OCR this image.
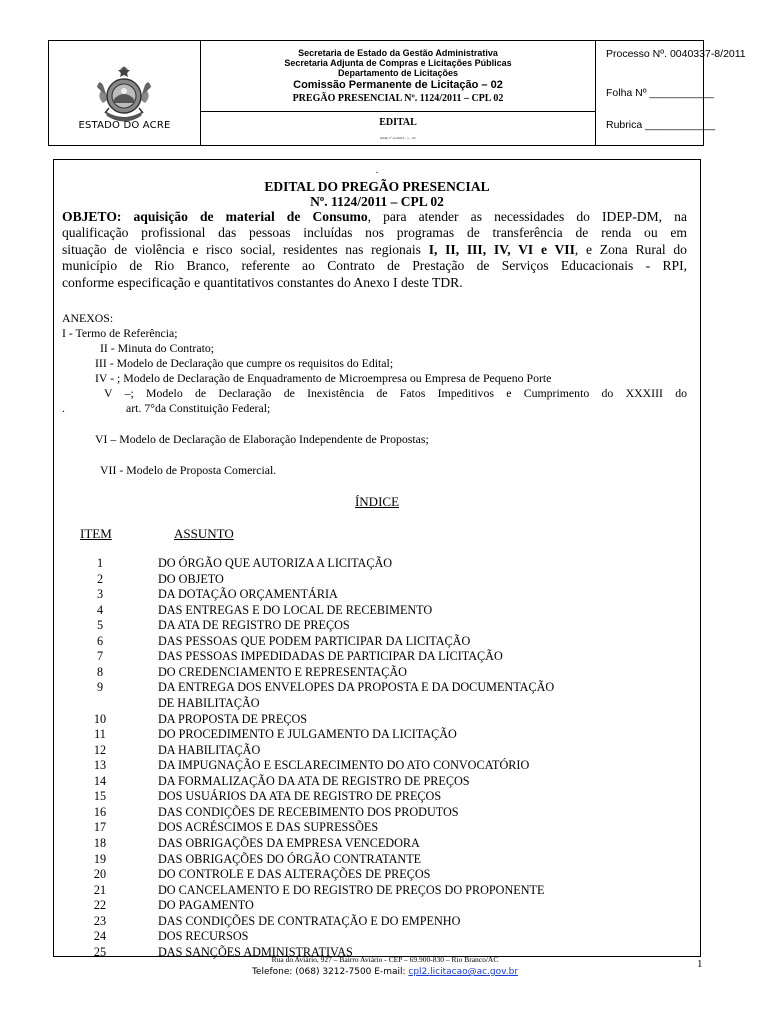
ESTADO DO ACRE
Secretaria de Estado da Gestão Administrativa
Secretaria Adjunta de Compras e Licitações Públicas
Departamento de Licitações
Comissão Permanente de Licitação – 02
PREGÃO PRESENCIAL Nº. 1124/2011 – CPL 02
EDITAL
Edital nº xxx/2011 – x – 02
Processo Nº. 0040337-8/2011
Folha Nº ___________
Rubrica ____________
.
EDITAL DO PREGÃO PRESENCIAL
Nº. 1124/2011 – CPL 02
OBJETO: aquisição de material de Consumo, para atender as necessidades do IDEP-DM, na
qualificação profissional das pessoas incluídas nos programas de transferência de renda ou em
situação de violência e risco social, residentes nas regionais I, II, III, IV, VI e VII, e Zona Rural do
município de Rio Branco, referente ao Contrato de Prestação de Serviços Educacionais - RPI,
conforme especificação e quantitativos constantes do Anexo I deste TDR.
ANEXOS:
I - Termo de Referência;
II - Minuta do Contrato;
III - Modelo de Declaração que cumpre os requisitos do Edital;
IV - ; Modelo de Declaração de Enquadramento de Microempresa ou Empresa de Pequeno Porte
V –; Modelo de Declaração de Inexistência de Fatos Impeditivos e Cumprimento do XXXIII do
.	art. 7°da Constituição Federal;
VI – Modelo de Declaração de Elaboração Independente de Propostas;
VII - Modelo de Proposta Comercial.
ÍNDICE
ITEM	ASSUNTO
1	DO ÓRGÃO QUE AUTORIZA A LICITAÇÃO
2	DO OBJETO
3	DA DOTAÇÃO ORÇAMENTÁRIA
4	DAS ENTREGAS E DO LOCAL DE RECEBIMENTO
5	DA ATA DE REGISTRO DE PREÇOS
6	DAS PESSOAS QUE PODEM PARTICIPAR DA LICITAÇÃO
7	DAS PESSOAS IMPEDIDADAS DE PARTICIPAR DA LICITAÇÃO
8	DO CREDENCIAMENTO E REPRESENTAÇÃO
9	DA ENTREGA DOS ENVELOPES DA PROPOSTA E DA DOCUMENTAÇÃO
DE HABILITAÇÃO
10	DA PROPOSTA DE PREÇOS
11	DO PROCEDIMENTO E JULGAMENTO DA LICITAÇÃO
12	DA HABILITAÇÃO
13	DA IMPUGNAÇÃO E ESCLARECIMENTO DO ATO CONVOCATÓRIO
14	DA FORMALIZAÇÃO DA ATA DE REGISTRO DE PREÇOS
15	DOS USUÁRIOS DA ATA DE REGISTRO DE PREÇOS
16	DAS CONDIÇÕES DE RECEBIMENTO DOS PRODUTOS
17	DOS ACRÉSCIMOS E DAS SUPRESSÕES
18	DAS OBRIGAÇÕES DA EMPRESA VENCEDORA
19	DAS OBRIGAÇÕES DO ÓRGÃO CONTRATANTE
20	DO CONTROLE E DAS ALTERAÇÕES DE PREÇOS
21	DO CANCELAMENTO E DO REGISTRO DE PREÇOS DO PROPONENTE
22	DO PAGAMENTO
23	DAS CONDIÇÕES DE CONTRATAÇÃO E DO EMPENHO
24	DOS RECURSOS
25	DAS SANÇÕES ADMINISTRATIVAS
Rua do Aviário, 927 – Bairro Aviário - CEP – 69.900-830 – Rio Branco/AC
Telefone: (068) 3212-7500 E-mail: cpl2.licitacao@ac.gov.br
1
